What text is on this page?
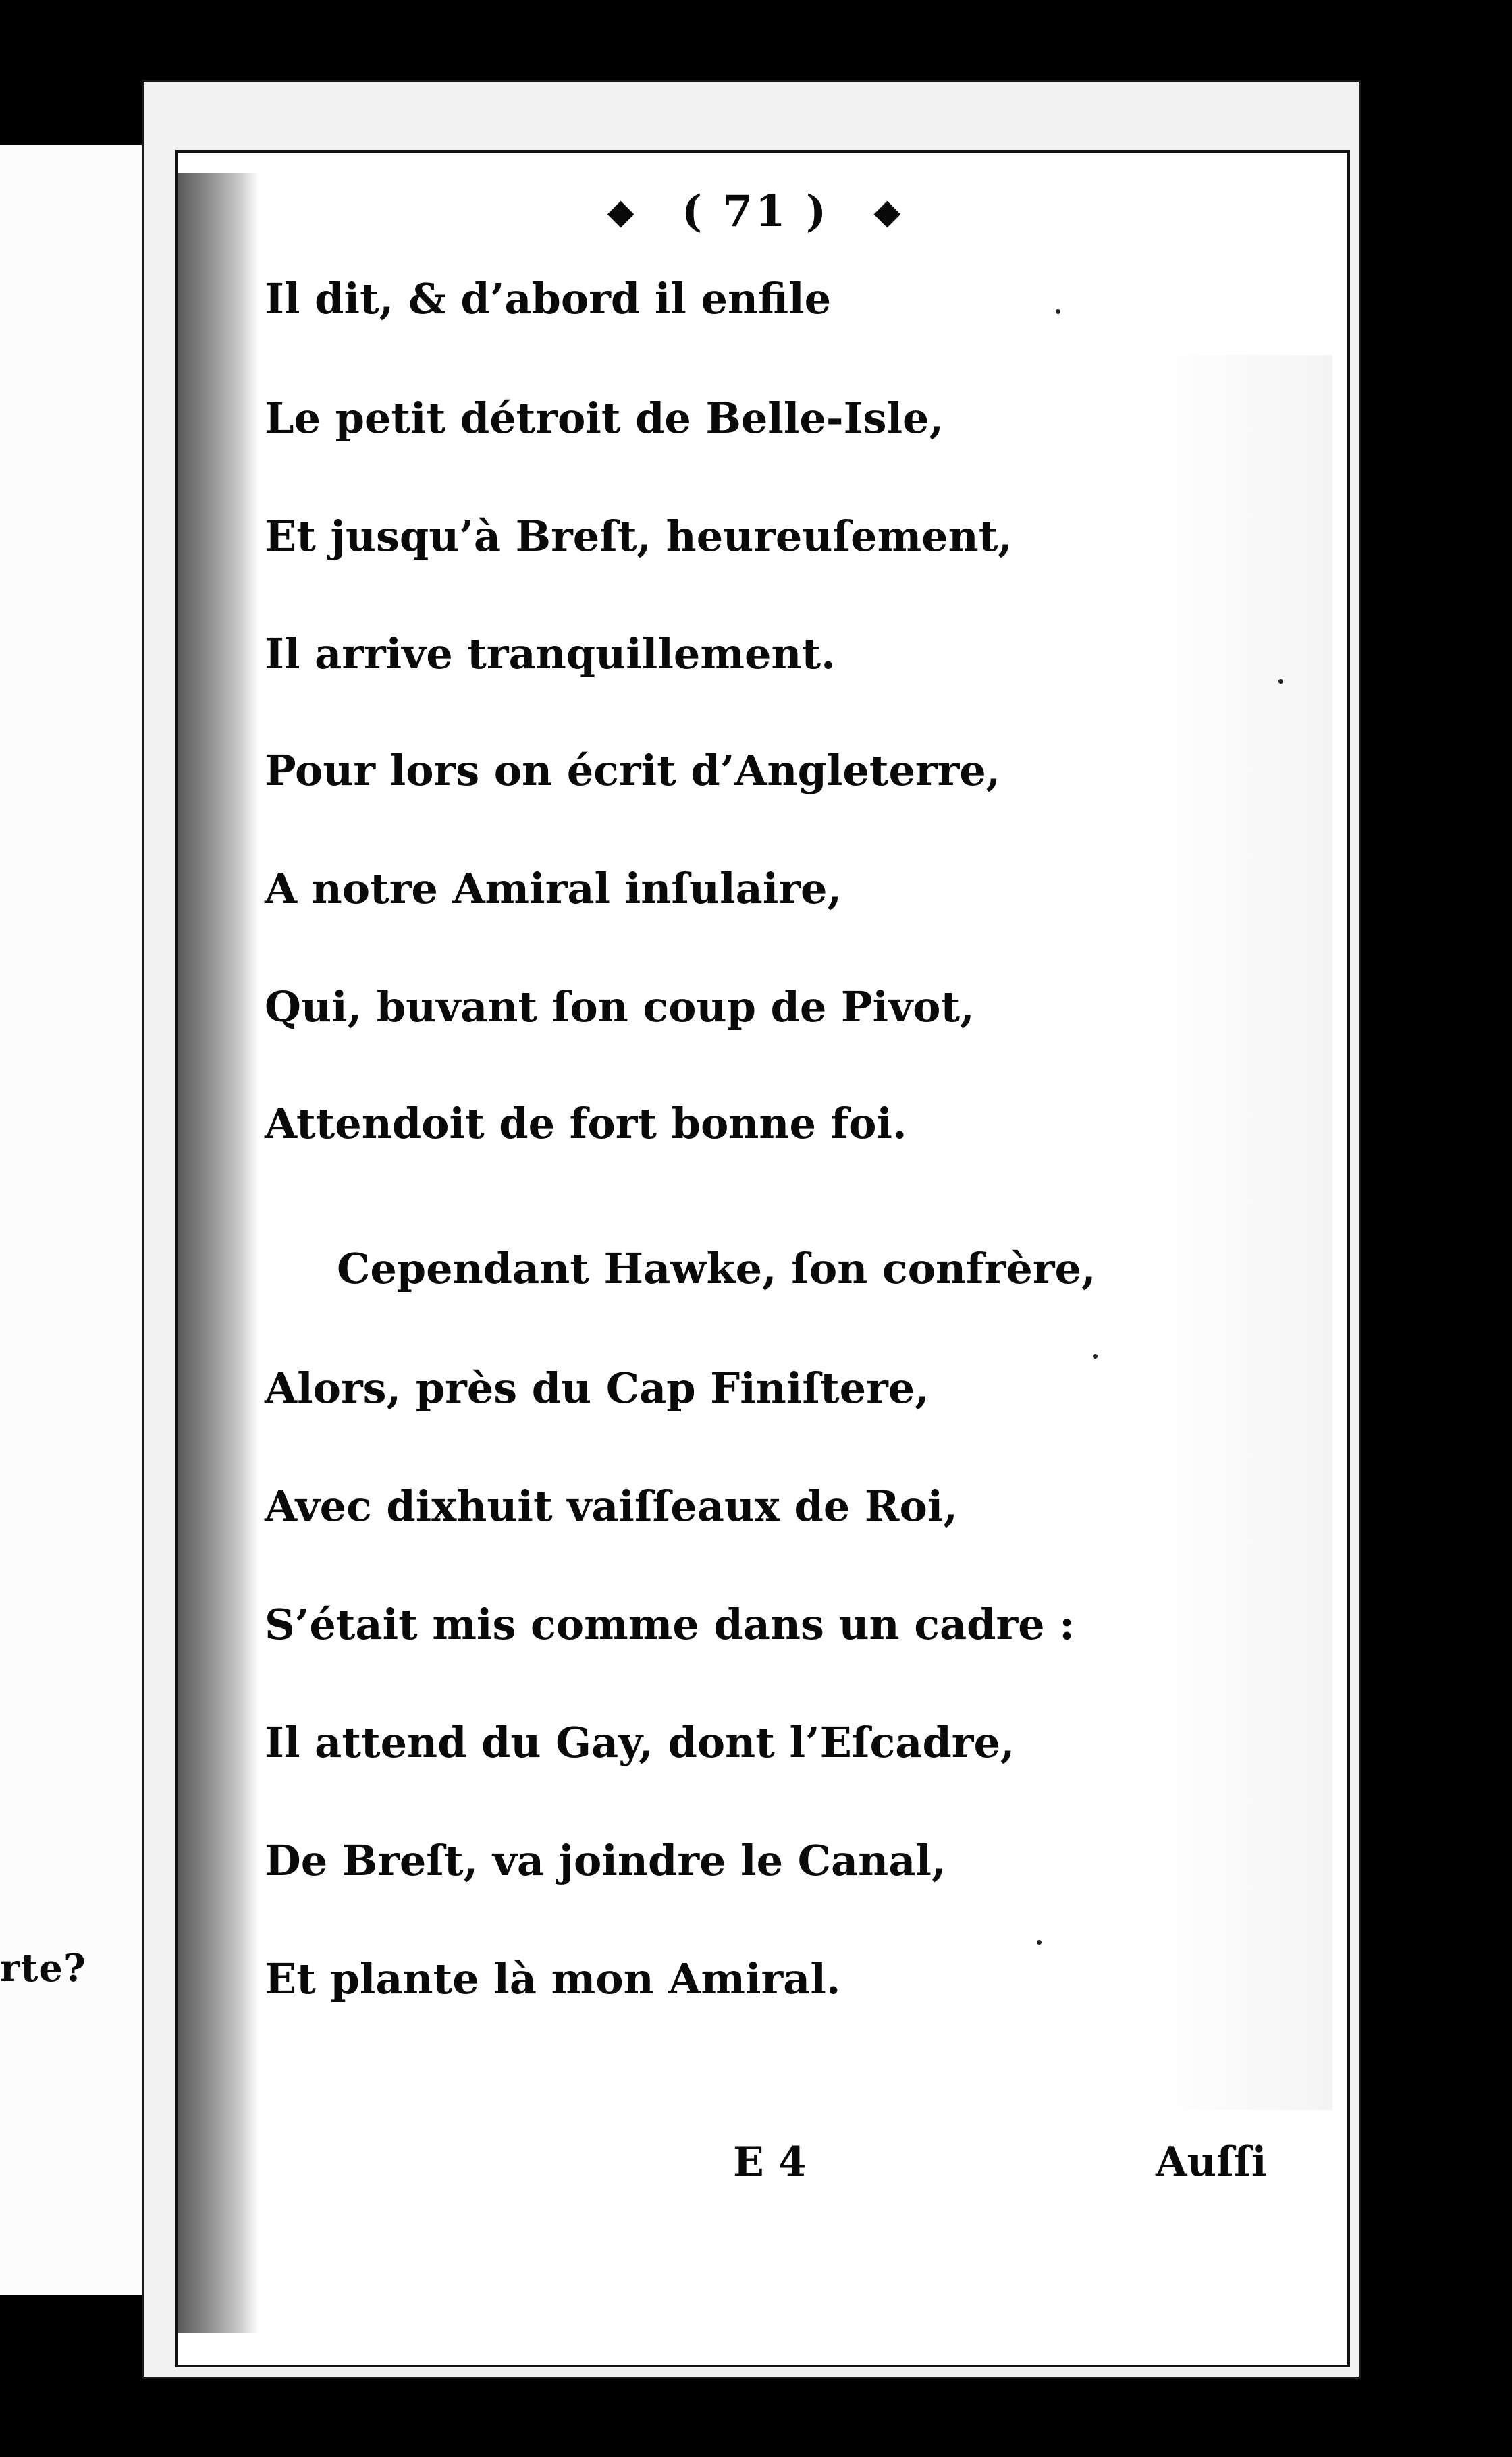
rte?
◆ ( 71 ) ◆
Il dit, & d’abord il enfile
Le petit détroit de Belle-Isle,
Et jusqu’à Breſt, heureuſement,
Il arrive tranquillement.
Pour lors on écrit d’Angleterre,
A notre Amiral inſulaire,
Qui, buvant ſon coup de Pivot,
Attendoit de fort bonne foi.
Cependant Hawke, ſon confrère,
Alors, près du Cap Finiſtere,
Avec dixhuit vaiſſeaux de Roi,
S’était mis comme dans un cadre :
Il attend du Gay, dont l’Eſcadre,
De Breſt, va joindre le Canal,
Et plante là mon Amiral.
E 4	Auſſi
